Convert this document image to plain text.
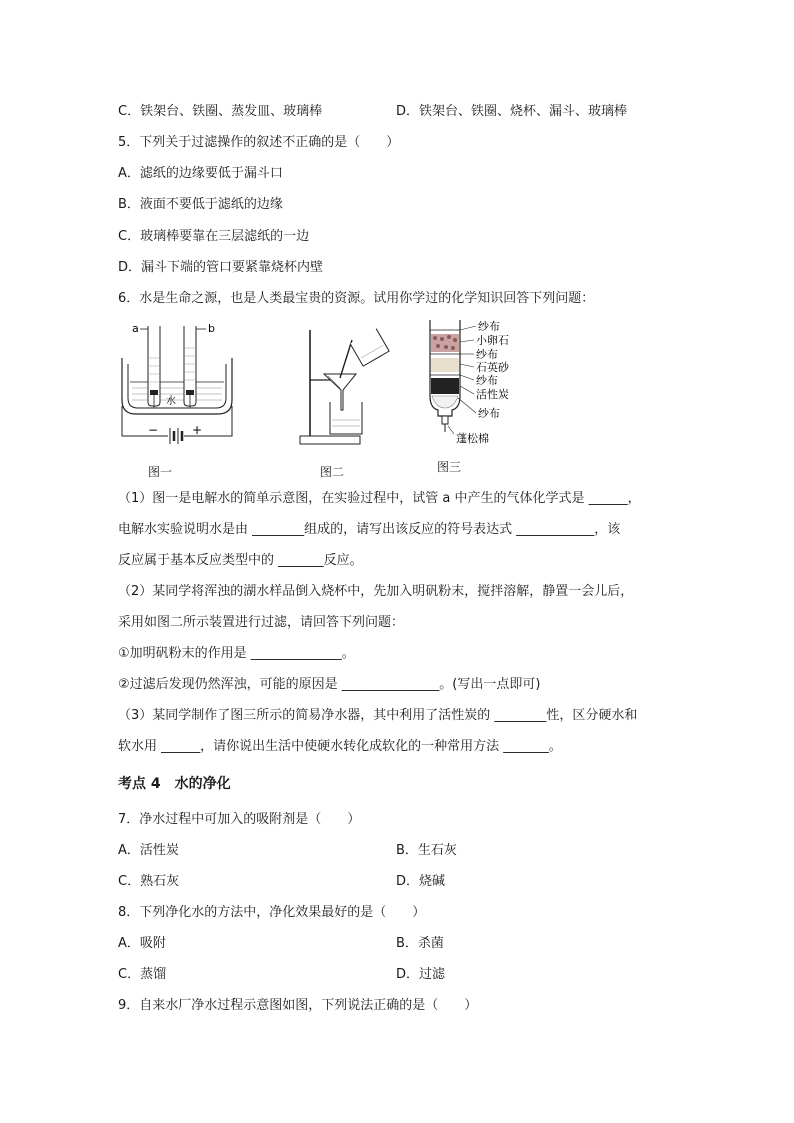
C．铁架台、铁圈、蒸发皿、玻璃棒	D．铁架台、铁圈、烧杯、漏斗、玻璃棒
5．下列关于过滤操作的叙述不正确的是（　　）
A．滤纸的边缘要低于漏斗口
B．液面不要低于滤纸的边缘
C．玻璃棒要靠在三层滤纸的一边
D．漏斗下端的管口要紧靠烧杯内壁
6．水是生命之源，也是人类最宝贵的资源。试用你学过的化学知识回答下列问题：
a	b
水
−	+
图一	图二
纱布
小卵石
纱布
石英砂
纱布
活性炭
纱布
蓬松棉
图三
（1）图一是电解水的简单示意图，在实验过程中，试管 a 中产生的气体化学式是 ______，
电解水实验说明水是由 ________组成的，请写出该反应的符号表达式 ____________，该
反应属于基本反应类型中的 _______反应。
（2）某同学将浑浊的湖水样品倒入烧杯中，先加入明矾粉末，搅拌溶解，静置一会儿后，
采用如图二所示装置进行过滤，请回答下列问题：
①加明矾粉末的作用是 ______________。
②过滤后发现仍然浑浊，可能的原因是 _______________。(写出一点即可)
（3）某同学制作了图三所示的简易净水器，其中利用了活性炭的 ________性，区分硬水和
软水用 ______，请你说出生活中使硬水转化成软化的一种常用方法 _______。
考点 4　水的净化
7．净水过程中可加入的吸附剂是（　　）
A．活性炭	B．生石灰
C．熟石灰	D．烧碱
8．下列净化水的方法中，净化效果最好的是（　　）
A．吸附	B．杀菌
C．蒸馏	D．过滤
9．自来水厂净水过程示意图如图，下列说法正确的是（　　）
